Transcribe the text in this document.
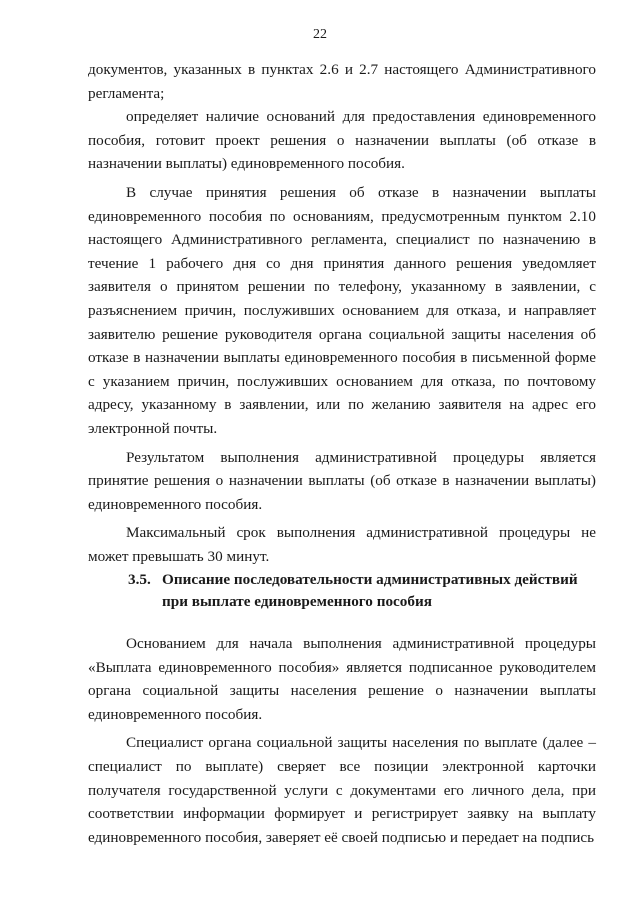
22

документов, указанных в пунктах 2.6 и 2.7 настоящего Административного регламента;

определяет наличие оснований для предоставления единовременного пособия, готовит проект решения о назначении выплаты (об отказе в назначении выплаты) единовременного пособия.

В случае принятия решения об отказе в назначении выплаты единовременного пособия по основаниям, предусмотренным пунктом 2.10 настоящего Административного регламента, специалист по назначению в течение 1 рабочего дня со дня принятия данного решения уведомляет заявителя о принятом решении по телефону, указанному в заявлении, с разъяснением причин, послуживших основанием для отказа, и направляет заявителю решение руководителя органа социальной защиты населения об отказе в назначении выплаты единовременного пособия в письменной форме с указанием причин, послуживших основанием для отказа, по почтовому адресу, указанному в заявлении, или по желанию заявителя на адрес его электронной почты.

Результатом выполнения административной процедуры является принятие решения о назначении выплаты (об отказе в назначении выплаты) единовременного пособия.

Максимальный срок выполнения административной процедуры не может превышать 30 минут.

3.5. Описание последовательности административных действий
при выплате единовременного пособия

Основанием для начала выполнения административной процедуры «Выплата единовременного пособия» является подписанное руководителем органа социальной защиты населения решение о назначении выплаты единовременного пособия.

Специалист органа социальной защиты населения по выплате (далее – специалист по выплате) сверяет все позиции электронной карточки получателя государственной услуги с документами его личного дела, при соответствии информации формирует и регистрирует заявку на выплату единовременного пособия, заверяет её своей подписью и передает на подпись
